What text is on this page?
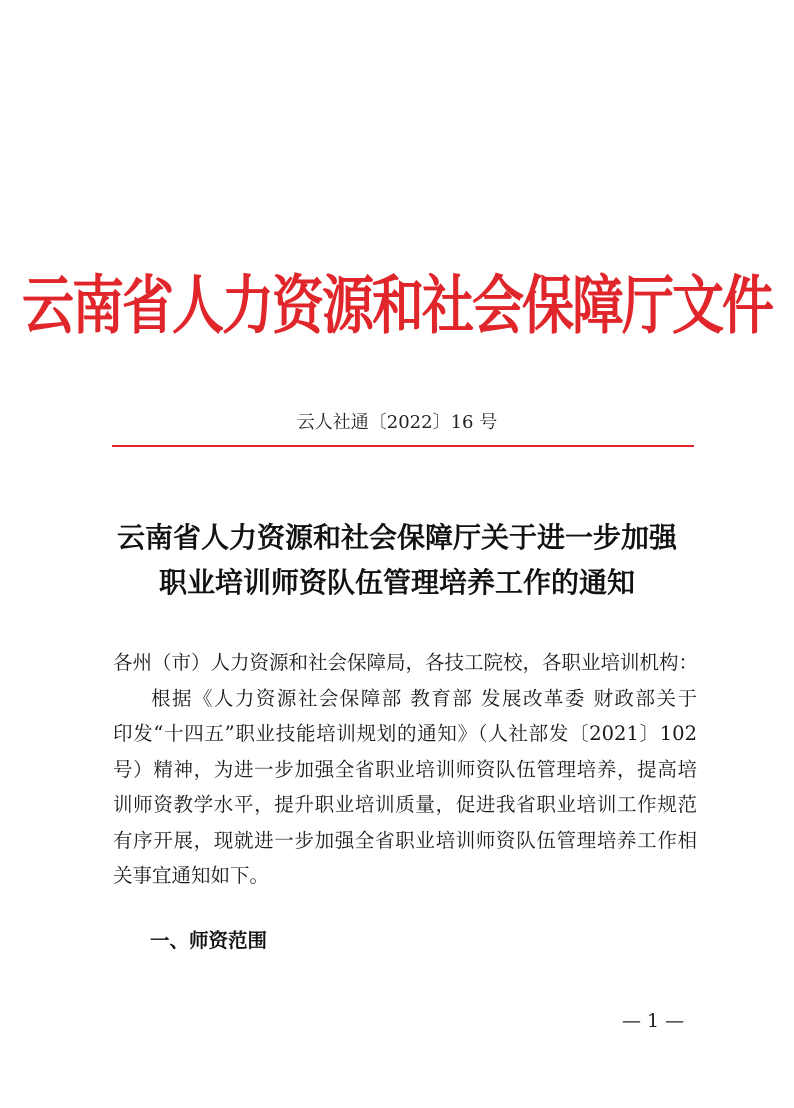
云南省人力资源和社会保障厅文件
云人社通〔2022〕16 号
云南省人力资源和社会保障厅关于进一步加强
职业培训师资队伍管理培养工作的通知
各州（市）人力资源和社会保障局，各技工院校，各职业培训机构：
根据《人力资源社会保障部 教育部 发展改革委 财政部关于
印发“十四五”职业技能培训规划的通知》（人社部发〔2021〕102
号）精神，为进一步加强全省职业培训师资队伍管理培养，提高培
训师资教学水平，提升职业培训质量，促进我省职业培训工作规范
有序开展，现就进一步加强全省职业培训师资队伍管理培养工作相
关事宜通知如下。
一、师资范围
— 1 —
